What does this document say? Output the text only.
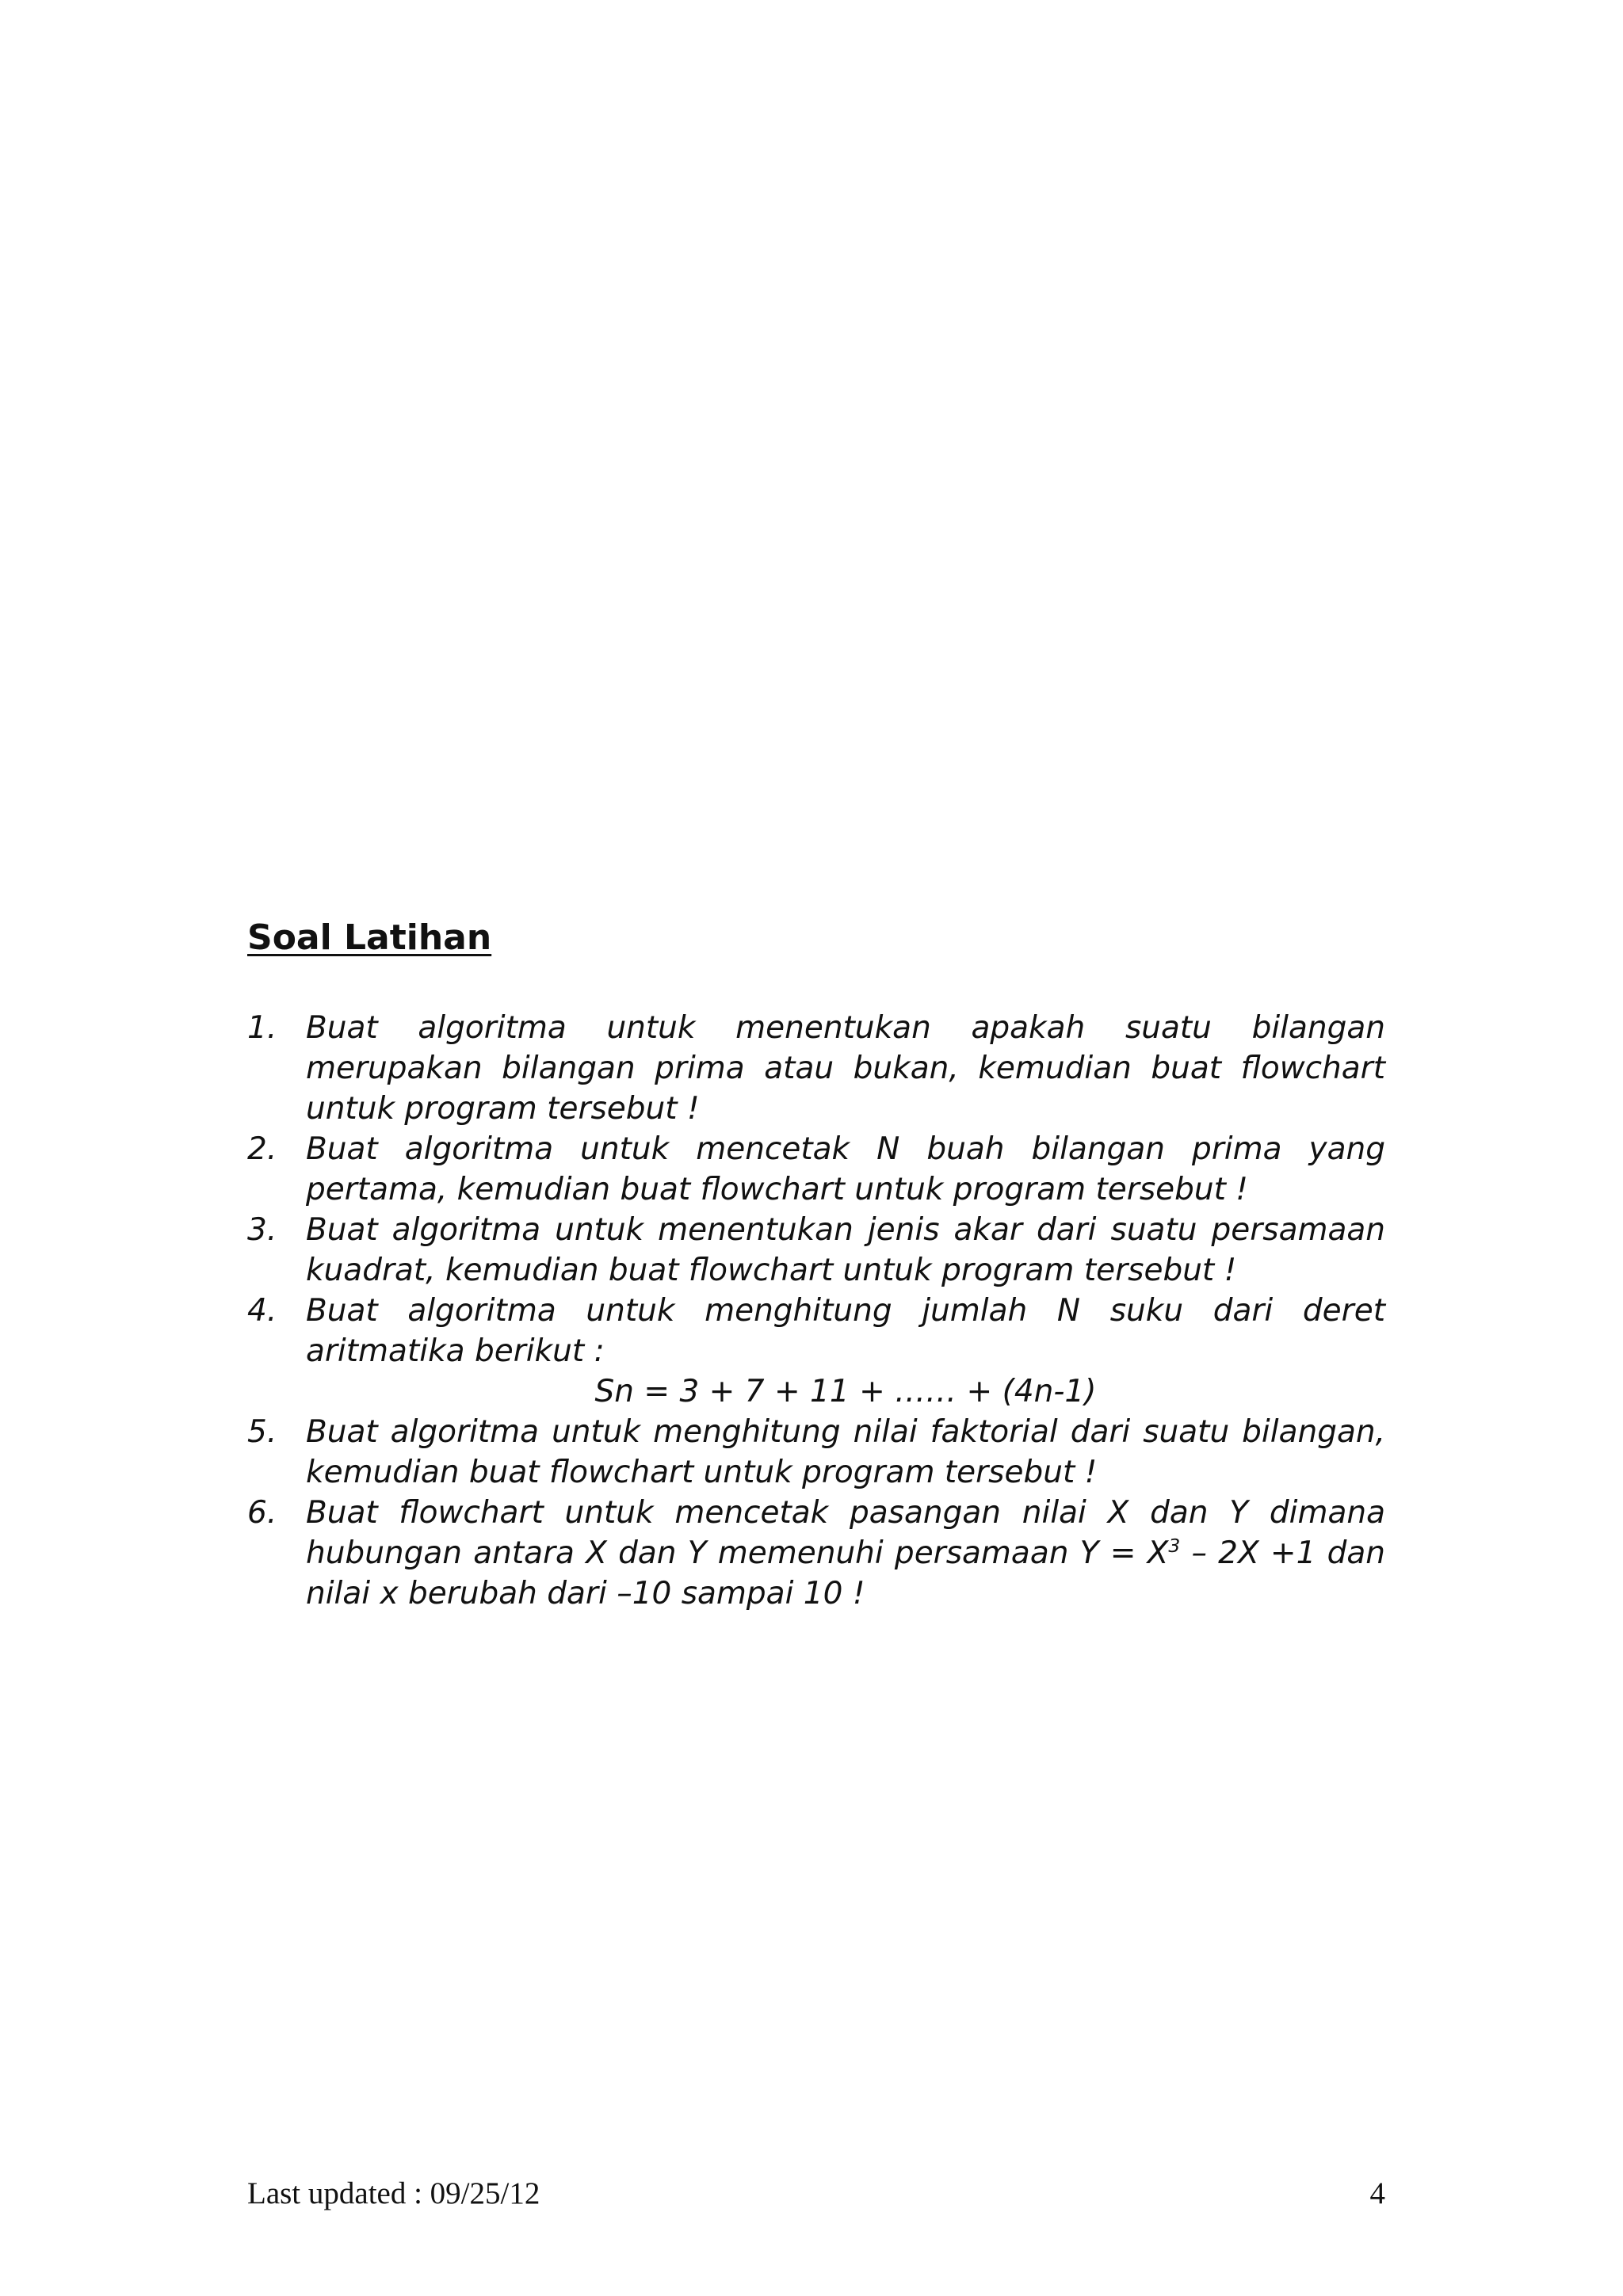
Soal Latihan
1. Buat algoritma untuk menentukan apakah suatu bilangan merupakan bilangan prima atau bukan, kemudian buat flowchart untuk program tersebut !
2. Buat algoritma untuk mencetak N buah bilangan prima yang pertama, kemudian buat flowchart untuk program tersebut !
3. Buat algoritma untuk menentukan jenis akar dari suatu persamaan kuadrat, kemudian buat flowchart untuk program tersebut !
4. Buat algoritma untuk menghitung jumlah N suku dari deret aritmatika berikut :
Sn = 3 + 7 + 11 + …… + (4n-1)
5. Buat algoritma untuk menghitung nilai faktorial dari suatu bilangan, kemudian buat flowchart untuk program tersebut !
6. Buat flowchart untuk mencetak pasangan nilai X dan Y dimana hubungan antara X dan Y memenuhi persamaan $Y = X^3 - 2X +1$ dan nilai x berubah dari –10 sampai 10 !
Last updated : 09/25/12	4
